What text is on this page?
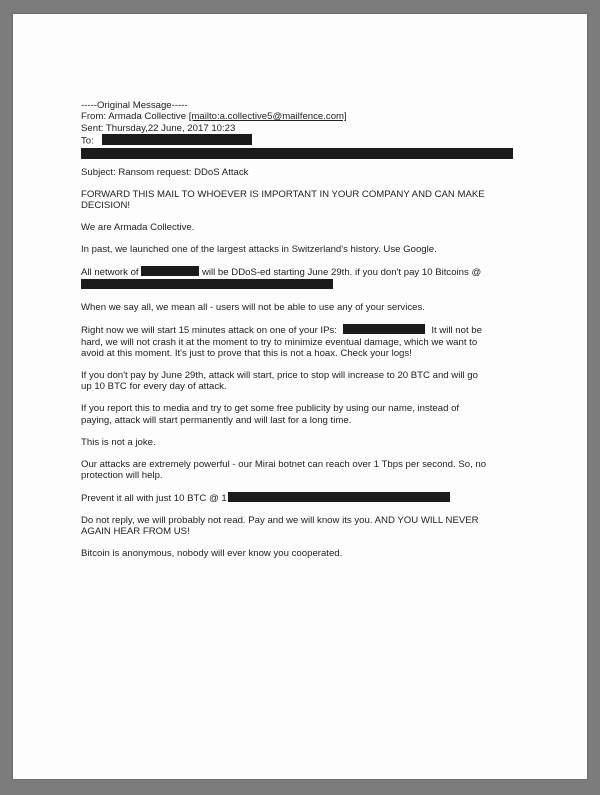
-----Original Message-----
From: Armada Collective [mailto:a.collective5@mailfence.com]
Sent: Thursday,22 June, 2017 10:23
To:
Subject: Ransom request: DDoS Attack
FORWARD THIS MAIL TO WHOEVER IS IMPORTANT IN YOUR COMPANY AND CAN MAKE
DECISION!
We are Armada Collective.
In past, we launched one of the largest attacks in Switzerland's history. Use Google.
All network of	will be DDoS-ed starting June 29th. if you don't pay 10 Bitcoins @
When we say all, we mean all - users will not be able to use any of your services.
Right now we will start 15 minutes attack on one of your IPs:	It will not be
hard, we will not crash it at the moment to try to minimize eventual damage, which we want to
avoid at this moment. It's just to prove that this is not a hoax. Check your logs!
If you don't pay by June 29th, attack will start, price to stop will increase to 20 BTC and will go
up 10 BTC for every day of attack.
If you report this to media and try to get some free publicity by using our name, instead of
paying, attack will start permanently and will last for a long time.
This is not a joke.
Our attacks are extremely powerful - our Mirai botnet can reach over 1 Tbps per second. So, no
protection will help.
Prevent it all with just 10 BTC @ 1
Do not reply, we will probably not read. Pay and we will know its you. AND YOU WILL NEVER
AGAIN HEAR FROM US!
Bitcoin is anonymous, nobody will ever know you cooperated.
